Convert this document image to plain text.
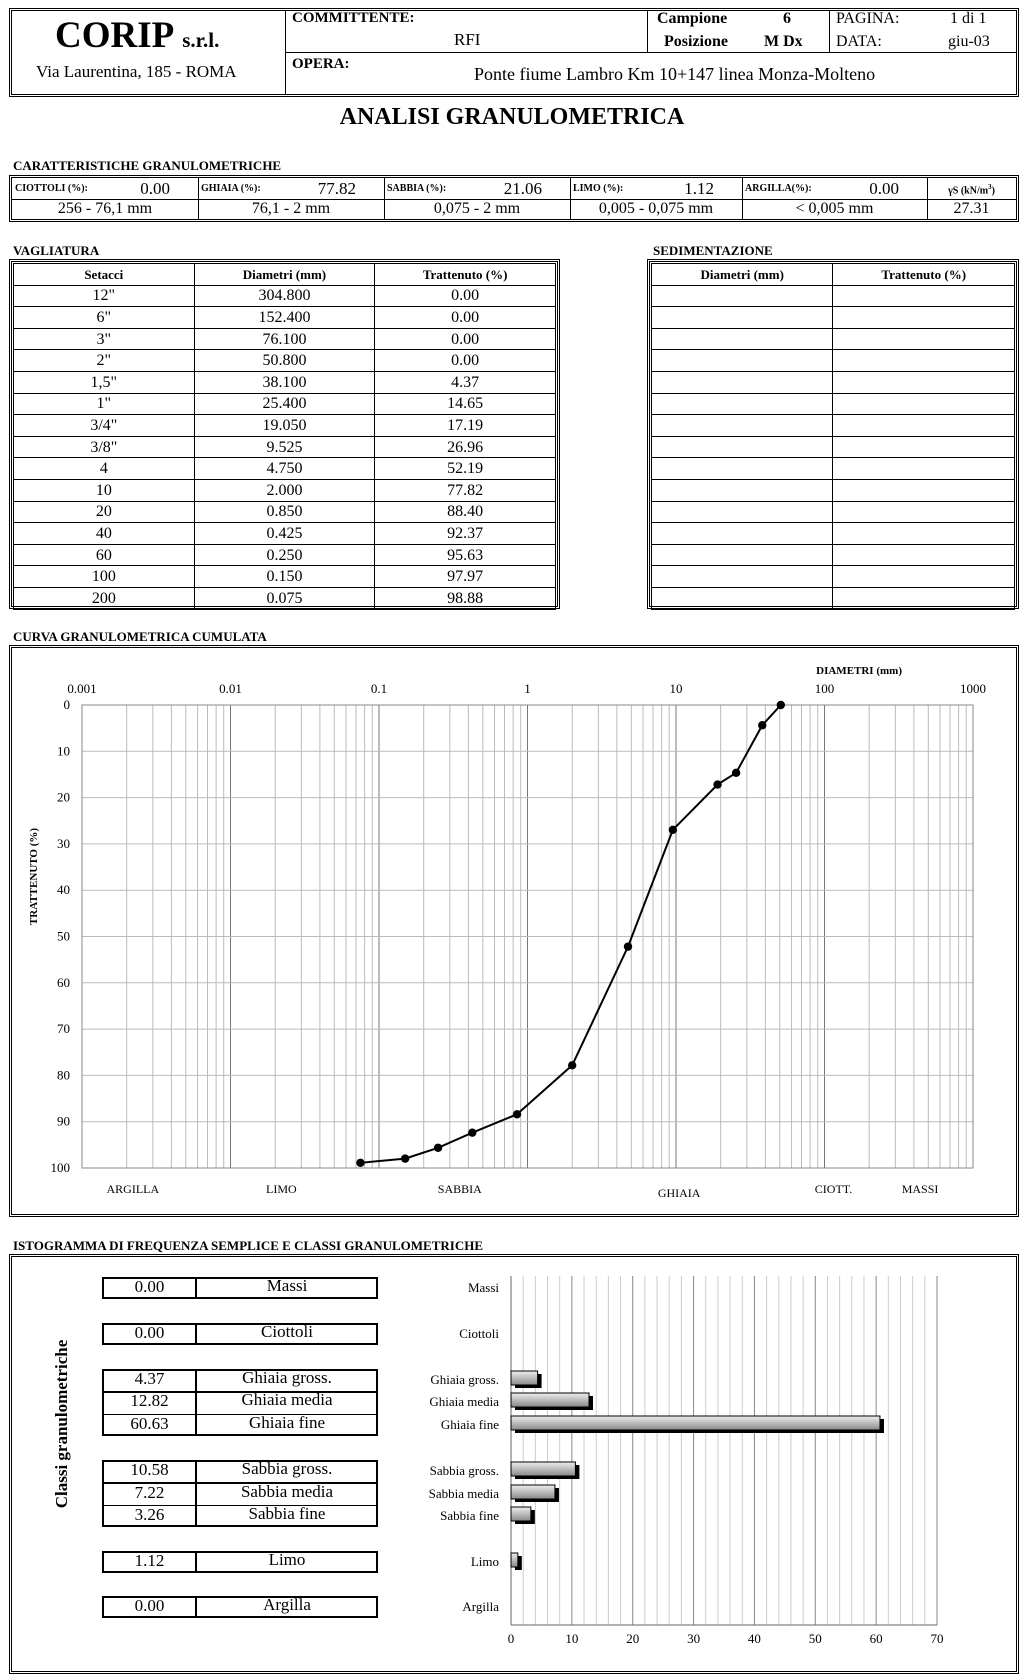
CORIP s.r.l.
Via Laurentina, 185 - ROMA
COMMITTENTE:
RFI
OPERA:	Ponte fiume Lambro Km 10+147 linea Monza-Molteno
Campione	6
Posizione M Dx
PAGINA:	1 di 1
DATA:	giu-03
ANALISI GRANULOMETRICA
CARATTERISTICHE GRANULOMETRICHE
CIOTTOLI (%):	0.00
256 - 76,1 mm
GHIAIA (%):	77.82
76,1 - 2 mm
SABBIA (%):	21.06
0,075 - 2 mm
LIMO (%):	1.12
0,005 - 0,075 mm
ARGILLA(%):	0.00
< 0,005 mm
γS $(kN/m^3)$
27.31
VAGLIATURA
Setacci	Diametri (mm)	Trattenuto (%)
12"	304.800	0.00
6"	152.400	0.00
3"	76.100	0.00
2"	50.800	0.00
1,5"	38.100	4.37
1"	25.400	14.65
3/4"	19.050	17.19
3/8"	9.525	26.96
4	4.750	52.19
10	2.000	77.82
20	0.850	88.40
40	0.425	92.37
60	0.250	95.63
100	0.150	97.97
200	0.075	98.88
SEDIMENTAZIONE
Diametri (mm)	Trattenuto (%)

CURVA GRANULOMETRICA CUMULATA
0.001	0.01	0.1	1	10	100	1000
0
10
20
30
40
50
60
70
80
90
100
DIAMETRI (mm)
TRATTENUTO (%)
ARGILLA	LIMO	SABBIA	GHIAIA	CIOTT.	MASSI
ISTOGRAMMA DI FREQUENZA SEMPLICE E CLASSI GRANULOMETRICHE
Classi granulometriche
0.00	Massi
0.00	Ciottoli
4.37	Ghiaia gross.
12.82	Ghiaia media
60.63	Ghiaia fine
10.58	Sabbia gross.
7.22	Sabbia media
3.26	Sabbia fine
1.12	Limo
0.00	Argilla
0	10	20	30	40	50	60	70
Massi
Ciottoli
Ghiaia gross.
Ghiaia media
Ghiaia fine
Sabbia gross.
Sabbia media
Sabbia fine
Limo
Argilla
